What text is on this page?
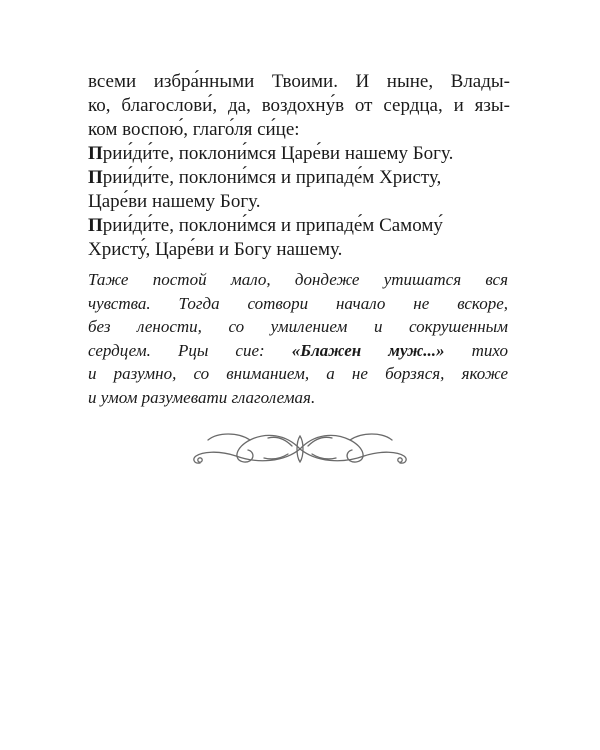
всеми избра́нными Твоими. И ныне, Влады-
ко, благослови́, да, воздохну́в от сердца, и язы-
ком воспою́, глаго́ля си́це:
Прии́ди́те, поклони́мся Царе́ви нашему Богу.
Прии́ди́те, поклони́мся и припаде́м Христу,
Царе́ви нашему Богу.
Прии́ди́те, поклони́мся и припаде́м Самому́
Христу́, Царе́ви и Богу нашему.
Таже постой мало, дондеже утишатся вся
чувства. Тогда сотвори начало не вскоре,
без лености, со умилением и сокрушенным
сердцем. Рцы сие: «Блажен муж...» тихо
и разумно, со вниманием, а не борзяся, якоже
и умом разумевати глаголемая.
